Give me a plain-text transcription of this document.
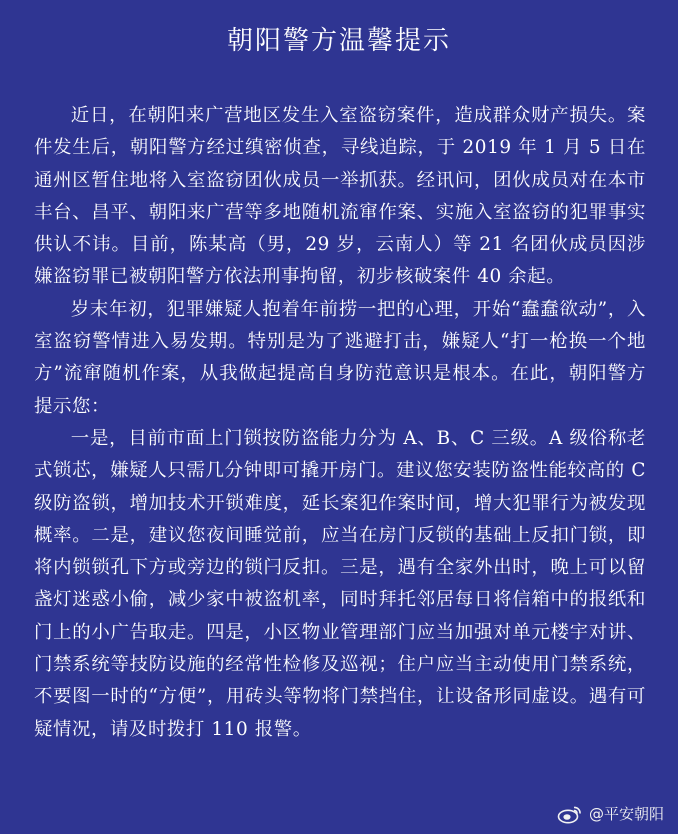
朝阳警方温馨提示

近日，在朝阳来广营地区发生入室盗窃案件，造成群众财产损失。案件发生后，朝阳警方经过缜密侦查，寻线追踪，于 2019 年 1 月 5 日在通州区暂住地将入室盗窃团伙成员一举抓获。经讯问，团伙成员对在本市丰台、昌平、朝阳来广营等多地随机流窜作案、实施入室盗窃的犯罪事实供认不讳。目前，陈某高（男，29 岁，云南人）等 21 名团伙成员因涉嫌盗窃罪已被朝阳警方依法刑事拘留，初步核破案件 40 余起。

岁末年初，犯罪嫌疑人抱着年前捞一把的心理，开始“蠢蠢欲动”，入室盗窃警情进入易发期。特别是为了逃避打击，嫌疑人“打一枪换一个地方”流窜随机作案，从我做起提高自身防范意识是根本。在此，朝阳警方提示您：

一是，目前市面上门锁按防盗能力分为 A、B、C 三级。A 级俗称老式锁芯，嫌疑人只需几分钟即可撬开房门。建议您安装防盗性能较高的 C 级防盗锁，增加技术开锁难度，延长案犯作案时间，增大犯罪行为被发现概率。二是，建议您夜间睡觉前，应当在房门反锁的基础上反扣门锁，即将内锁锁孔下方或旁边的锁闩反扣。三是，遇有全家外出时，晚上可以留盏灯迷惑小偷，减少家中被盗机率，同时拜托邻居每日将信箱中的报纸和门上的小广告取走。四是，小区物业管理部门应当加强对单元楼宇对讲、门禁系统等技防设施的经常性检修及巡视；住户应当主动使用门禁系统，不要图一时的“方便”，用砖头等物将门禁挡住，让设备形同虚设。遇有可疑情况，请及时拨打 110 报警。

@平安朝阳
